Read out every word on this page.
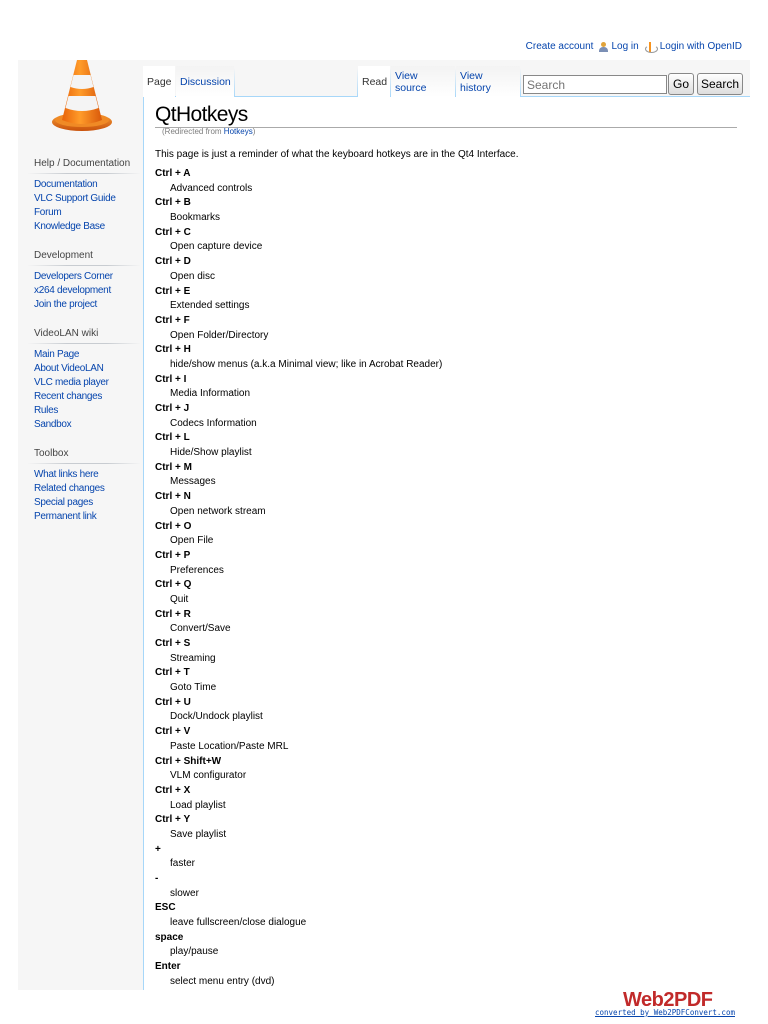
Create account Log in Login with OpenID
Page Discussion	Read View source
View history
Search	Go Search
QtHotkeys
(Redirected from Hotkeys)

This page is just a reminder of what the keyboard hotkeys are in the Qt4 Interface.

Ctrl + A
Advanced controls
Ctrl + B
Bookmarks
Ctrl + C
Open capture device
Ctrl + D
Open disc
Ctrl + E
Extended settings
Ctrl + F
Open Folder/Directory
Ctrl + H
hide/show menus (a.k.a Minimal view; like in Acrobat Reader)
Ctrl + I
Media Information
Ctrl + J
Codecs Information
Ctrl + L
Hide/Show playlist
Ctrl + M
Messages
Ctrl + N
Open network stream
Ctrl + O
Open File
Ctrl + P
Preferences
Ctrl + Q
Quit
Ctrl + R
Convert/Save
Ctrl + S
Streaming
Ctrl + T
Goto Time
Ctrl + U
Dock/Undock playlist
Ctrl + V
Paste Location/Paste MRL
Ctrl + Shift+W
VLM configurator
Ctrl + X
Load playlist
Ctrl + Y
Save playlist
+
faster
-
slower
ESC
leave fullscreen/close dialogue
space
play/pause
Enter
select menu entry (dvd)
Help / Documentation
Documentation
VLC Support Guide
Forum
Knowledge Base
Development
Developers Corner
x264 development
Join the project
VideoLAN wiki
Main Page
About VideoLAN
VLC media player
Recent changes
Rules
Sandbox
Toolbox
What links here
Related changes
Special pages
Permanent link
Web2PDF
converted by Web2PDFConvert.com
